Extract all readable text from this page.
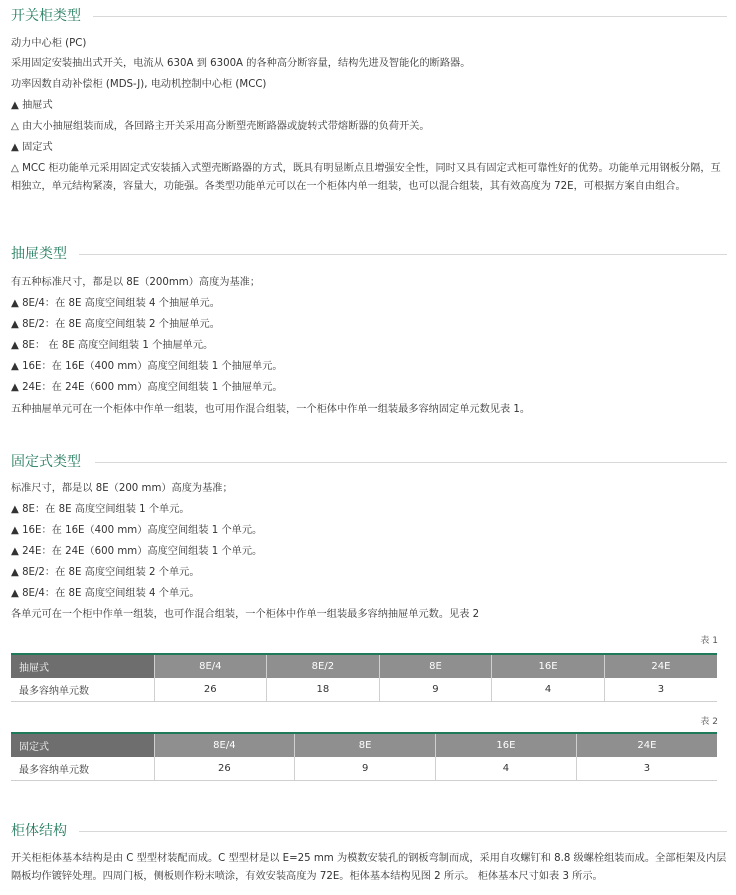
开关柜类型
动力中心柜 (PC)
采用固定安装抽出式开关，电流从 630A 到 6300A 的各种高分断容量，结构先进及智能化的断路器。
功率因数自动补偿柜 (MDS-J), 电动机控制中心柜 (MCC)
▲ 抽屉式
△ 由大小抽屉组装而成，各回路主开关采用高分断塑壳断路器或旋转式带熔断器的负荷开关。
▲ 固定式
△ MCC 柜功能单元采用固定式安装插入式塑壳断路器的方式，既具有明显断点且增强安全性，同时又具有固定式柜可靠性好的优势。功能单元用钢板分隔，互相独立，单元结构紧凑，容量大，功能强。各类型功能单元可以在一个柜体内单一组装，也可以混合组装，其有效高度为 72E，可根据方案自由组合。
抽屉类型
有五种标准尺寸，都是以 8E（200mm）高度为基准；
▲ 8E/4：在 8E 高度空间组装 4 个抽屉单元。
▲ 8E/2：在 8E 高度空间组装 2 个抽屉单元。
▲ 8E： 在 8E 高度空间组装 1 个抽屉单元。
▲ 16E：在 16E（400 mm）高度空间组装 1 个抽屉单元。
▲ 24E：在 24E（600 mm）高度空间组装 1 个抽屉单元。
五种抽屉单元可在一个柜体中作单一组装，也可用作混合组装，一个柜体中作单一组装最多容纳固定单元数见表 1。
固定式类型
标准尺寸，都是以 8E（200 mm）高度为基准；
▲ 8E：在 8E 高度空间组装 1 个单元。
▲ 16E：在 16E（400 mm）高度空间组装 1 个单元。
▲ 24E：在 24E（600 mm）高度空间组装 1 个单元。
▲ 8E/2：在 8E 高度空间组装 2 个单元。
▲ 8E/4：在 8E 高度空间组装 4 个单元。
各单元可在一个柜中作单一组装，也可作混合组装，一个柜体中作单一组装最多容纳抽屉单元数。见表 2
表 1
抽屉式	8E/4	8E/2	8E	16E	24E
最多容纳单元数	26	18	9	4	3
表 2
固定式	8E/4	8E	16E	24E
最多容纳单元数	26	9	4	3
柜体结构
开关柜柜体基本结构是由 C 型型材装配而成。C 型型材是以 E=25 mm 为模数安装孔的钢板弯制而成，采用自攻螺钉和 8.8 级螺栓组装而成。全部柜架及内层隔板均作镀锌处理。四周门板，侧板则作粉末喷涂，有效安装高度为 72E。柜体基本结构见图 2 所示。 柜体基本尺寸如表 3 所示。
